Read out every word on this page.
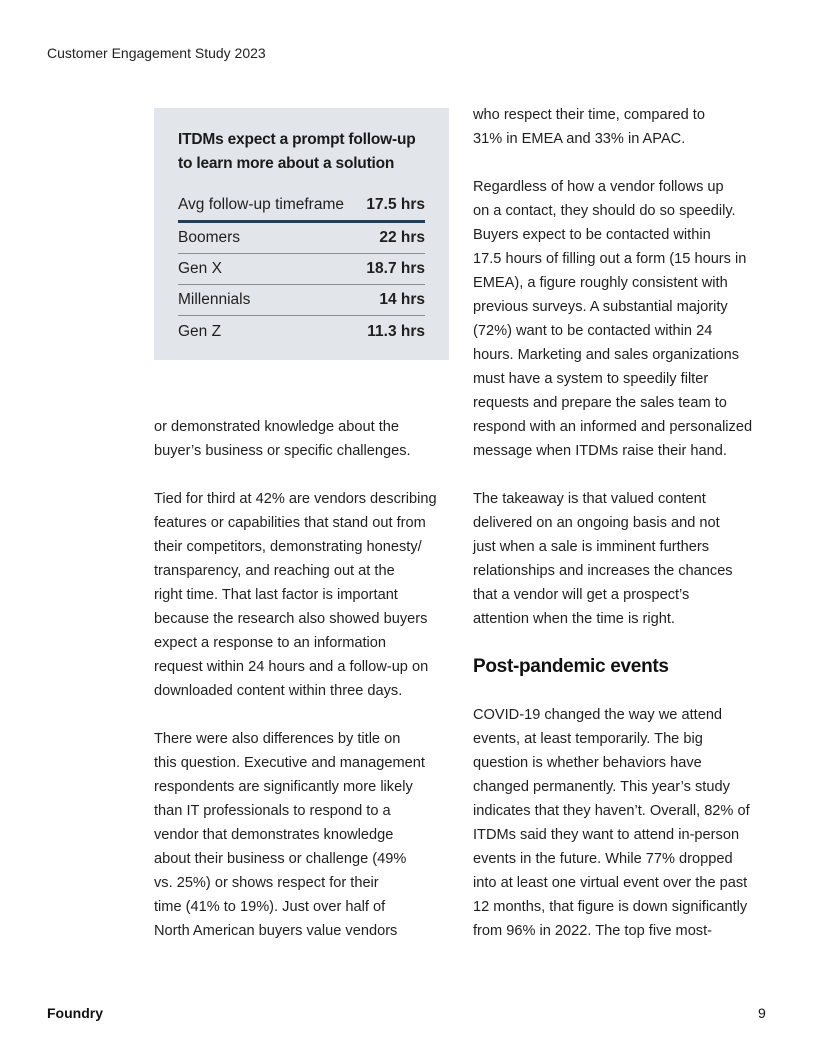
Customer Engagement Study 2023
ITDMs expect a prompt follow-up
to learn more about a solution
Avg follow-up timeframe 17.5 hrs
Boomers	22 hrs
Gen X	18.7 hrs
Millennials	14 hrs
Gen Z	11.3 hrs

or demonstrated knowledge about the
buyer’s business or specific challenges.

Tied for third at 42% are vendors describing
features or capabilities that stand out from
their competitors, demonstrating honesty/
transparency, and reaching out at the
right time. That last factor is important
because the research also showed buyers
expect a response to an information
request within 24 hours and a follow-up on
downloaded content within three days.

There were also differences by title on
this question. Executive and management
respondents are significantly more likely
than IT professionals to respond to a
vendor that demonstrates knowledge
about their business or challenge (49%
vs. 25%) or shows respect for their
time (41% to 19%). Just over half of
North American buyers value vendors

who respect their time, compared to
31% in EMEA and 33% in APAC.

Regardless of how a vendor follows up
on a contact, they should do so speedily.
Buyers expect to be contacted within
17.5 hours of filling out a form (15 hours in
EMEA), a figure roughly consistent with
previous surveys. A substantial majority
(72%) want to be contacted within 24
hours. Marketing and sales organizations
must have a system to speedily filter
requests and prepare the sales team to
respond with an informed and personalized
message when ITDMs raise their hand.

The takeaway is that valued content
delivered on an ongoing basis and not
just when a sale is imminent furthers
relationships and increases the chances
that a vendor will get a prospect’s
attention when the time is right.

Post-pandemic events

COVID-19 changed the way we attend
events, at least temporarily. The big
question is whether behaviors have
changed permanently. This year’s study
indicates that they haven’t. Overall, 82% of
ITDMs said they want to attend in-person
events in the future. While 77% dropped
into at least one virtual event over the past
12 months, that figure is down significantly
from 96% in 2022. The top five most-

Foundry	9
